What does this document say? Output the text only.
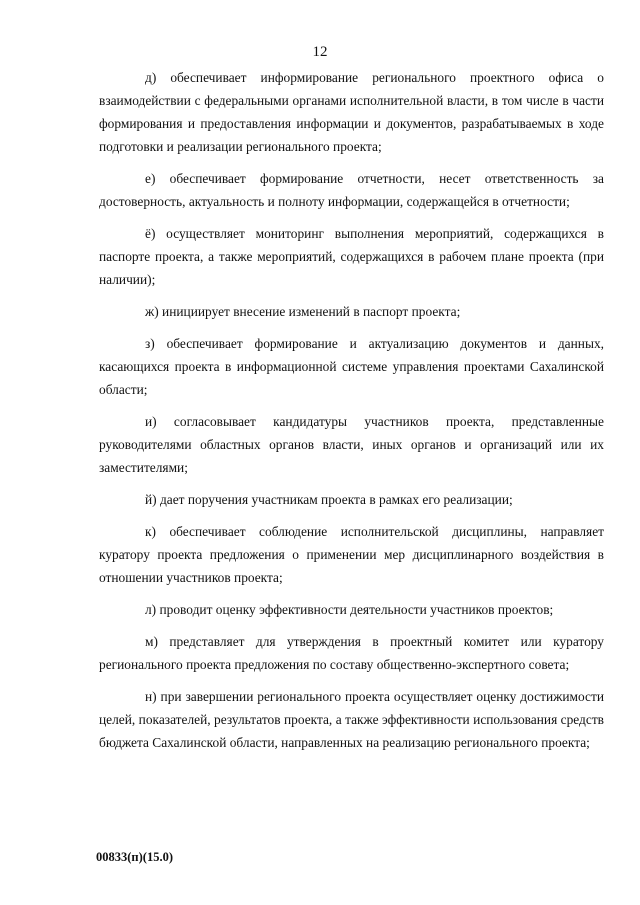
12

д) обеспечивает информирование регионального проектного офиса о взаимодействии с федеральными органами исполнительной власти, в том числе в части формирования и предоставления информации и документов, разрабатываемых в ходе подготовки и реализации регионального проекта;

е) обеспечивает формирование отчетности, несет ответственность за достоверность, актуальность и полноту информации, содержащейся в отчетности;

ё) осуществляет мониторинг выполнения мероприятий, содержащихся в паспорте проекта, а также мероприятий, содержащихся в рабочем плане проекта (при наличии);

ж) инициирует внесение изменений в паспорт проекта;

з) обеспечивает формирование и актуализацию документов и данных, касающихся проекта в информационной системе управления проектами Сахалинской области;

и) согласовывает кандидатуры участников проекта, представленные руководителями областных органов власти, иных органов и организаций или их заместителями;

й) дает поручения участникам проекта в рамках его реализации;

к) обеспечивает соблюдение исполнительской дисциплины, направляет куратору проекта предложения о применении мер дисциплинарного воздействия в отношении участников проекта;

л) проводит оценку эффективности деятельности участников проектов;

м) представляет для утверждения в проектный комитет или куратору регионального проекта предложения по составу общественно-экспертного совета;

н) при завершении регионального проекта осуществляет оценку достижимости целей, показателей, результатов проекта, а также эффективности использования средств бюджета Сахалинской области, направленных на реализацию регионального проекта;

00833(п)(15.0)
